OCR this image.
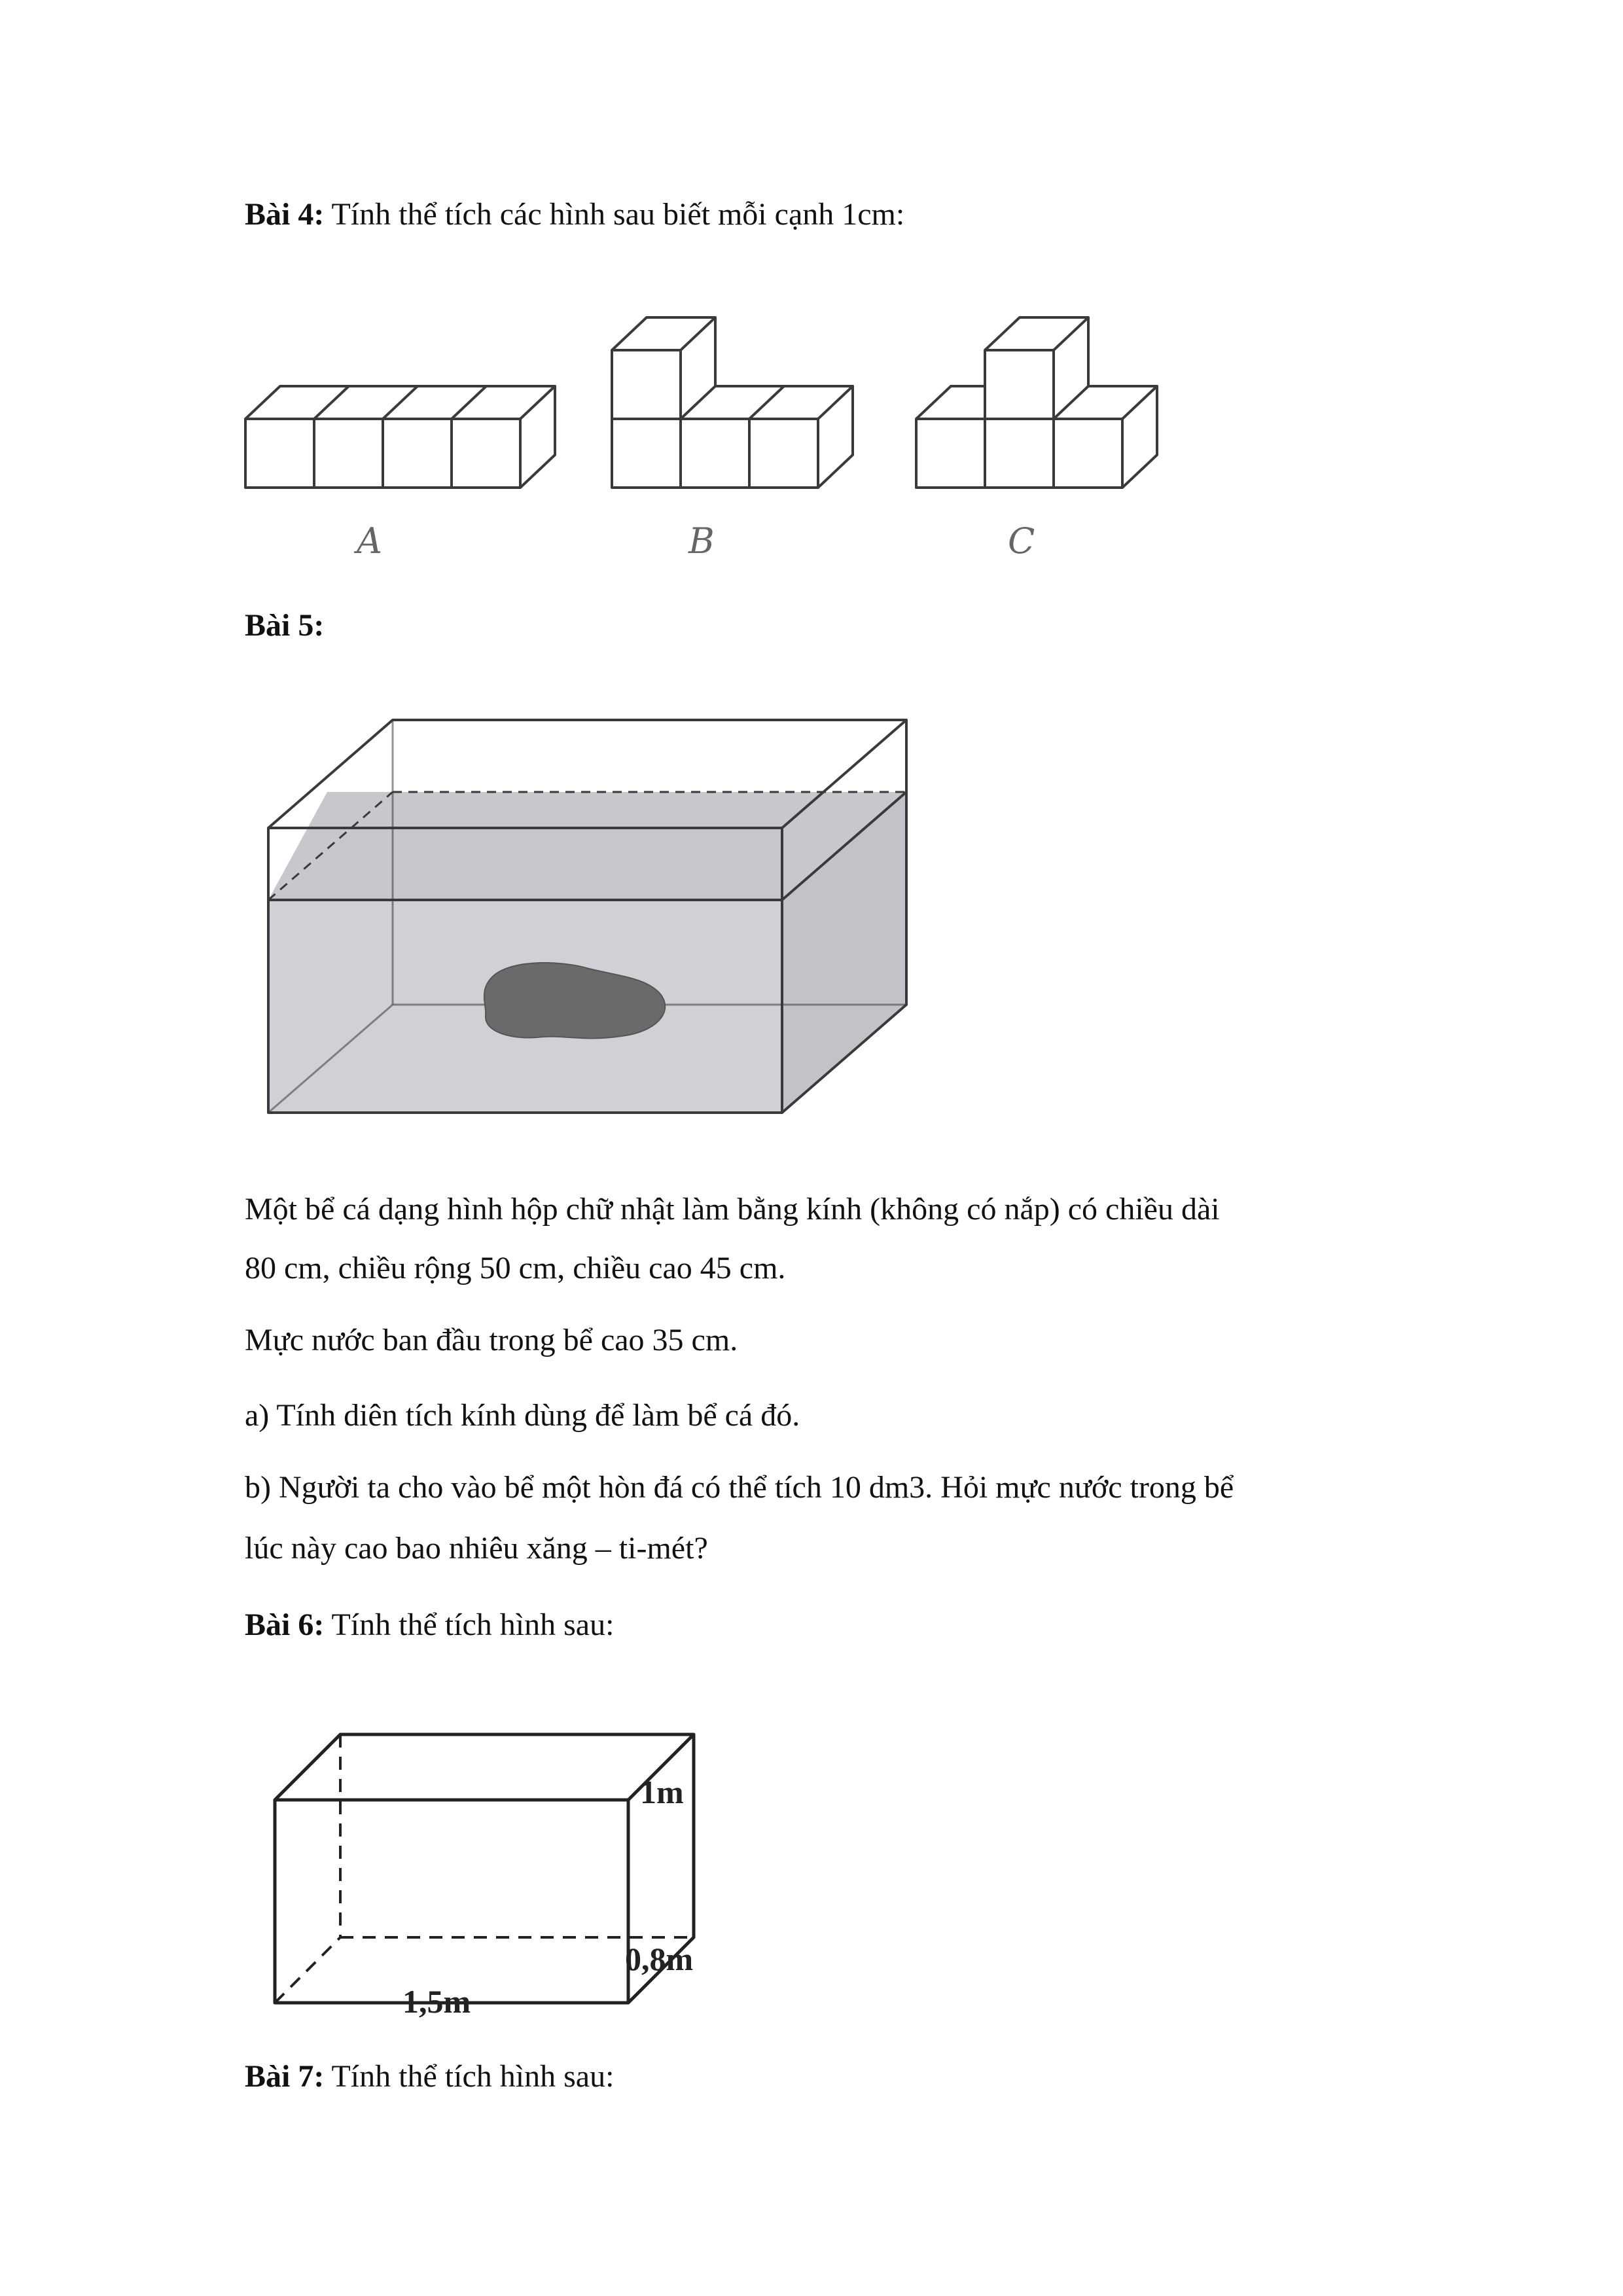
Bài 4: Tính thể tích các hình sau biết mỗi cạnh 1cm:
A	B	C
Bài 5:
Một bể cá dạng hình hộp chữ nhật làm bằng kính (không có nắp) có chiều dài
80 cm, chiều rộng 50 cm, chiều cao 45 cm.
Mực nước ban đầu trong bể cao 35 cm.
a) Tính diên tích kính dùng để làm bể cá đó.
b) Người ta cho vào bể một hòn đá có thể tích 10 dm3. Hỏi mực nước trong bể
lúc này cao bao nhiêu xăng – ti-mét?
Bài 6: Tính thể tích hình sau:
1m
0,8m
1,5m
Bài 7: Tính thể tích hình sau:
